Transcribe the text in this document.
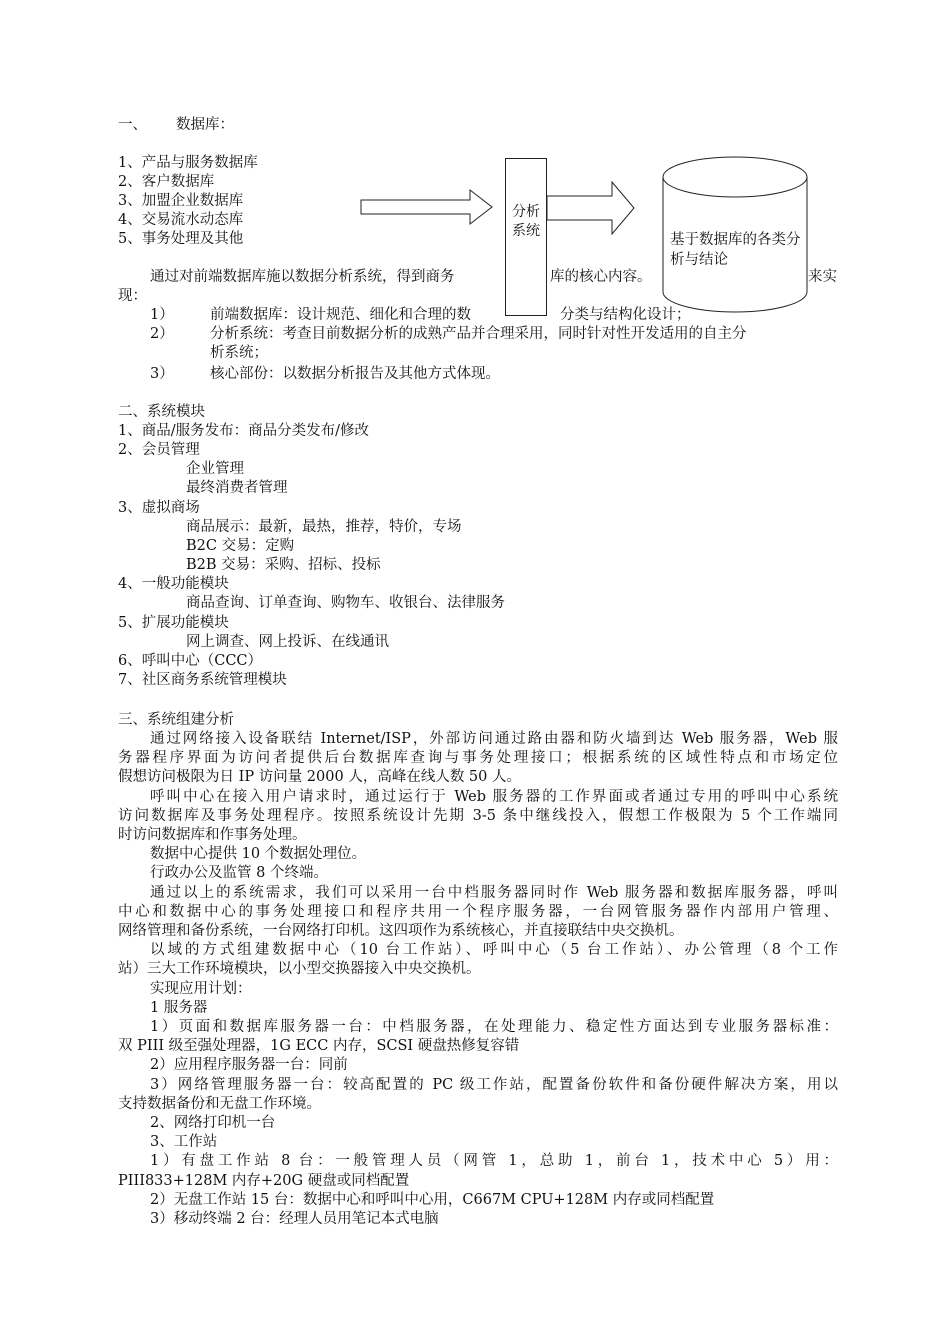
一、 数据库：
1、产品与服务数据库
2、客户数据库
3、加盟企业数据库
4、交易流水动态库
5、事务处理及其他
通过对前端数据库施以数据分析系统，得到商务	库的核心内容。	来实
现：
1）	前端数据库：设计规范、细化和合理的数	分类与结构化设计；
2）	分析系统：考查目前数据分析的成熟产品并合理采用，同时针对性开发适用的自主分
析系统；
3）	核心部份：以数据分析报告及其他方式体现。
分析系统
基于数据库的各类分析与结论
二、系统模块
1、商品/服务发布：商品分类发布/修改
2、会员管理
企业管理
最终消费者管理
3、虚拟商场
商品展示：最新，最热，推荐，特价，专场
B2C 交易：定购
B2B 交易：采购、招标、投标
4、一般功能模块
商品查询、订单查询、购物车、收银台、法律服务
5、扩展功能模块
网上调查、网上投诉、在线通讯
6、呼叫中心（CCC）
7、社区商务系统管理模块
三、系统组建分析
通过网络接入设备联结 Internet/ISP，外部访问通过路由器和防火墙到达 Web 服务器，Web 服
务器程序界面为访问者提供后台数据库查询与事务处理接口；根据系统的区域性特点和市场定位
假想访问极限为日 IP 访问量 2000 人，高峰在线人数 50 人。
呼叫中心在接入用户请求时，通过运行于 Web 服务器的工作界面或者通过专用的呼叫中心系统
访问数据库及事务处理程序。按照系统设计先期 3-5 条中继线投入，假想工作极限为 5 个工作端同
时访问数据库和作事务处理。
数据中心提供 10 个数据处理位。
行政办公及监管 8 个终端。
通过以上的系统需求，我们可以采用一台中档服务器同时作 Web 服务器和数据库服务器，呼叫
中心和数据中心的事务处理接口和程序共用一个程序服务器，一台网管服务器作内部用户管理、
网络管理和备份系统，一台网络打印机。这四项作为系统核心，并直接联结中央交换机。
以域的方式组建数据中心（10 台工作站）、呼叫中心（5 台工作站）、办公管理（8 个工作
站）三大工作环境模块，以小型交换器接入中央交换机。
实现应用计划：
1 服务器
1）页面和数据库服务器一台：中档服务器，在处理能力、稳定性方面达到专业服务器标准：
双 PIII 级至强处理器，1G ECC 内存，SCSI 硬盘热修复容错
2）应用程序服务器一台：同前
3）网络管理服务器一台：较高配置的 PC 级工作站，配置备份软件和备份硬件解决方案，用以
支持数据备份和无盘工作环境。
2、网络打印机一台
3、工作站
1）有盘工作站 8 台：一般管理人员（网管 1，总助 1，前台 1，技术中心 5）用：
PIII833+128M 内存+20G 硬盘或同档配置
2）无盘工作站 15 台：数据中心和呼叫中心用，C667M CPU+128M 内存或同档配置
3）移动终端 2 台：经理人员用笔记本式电脑
